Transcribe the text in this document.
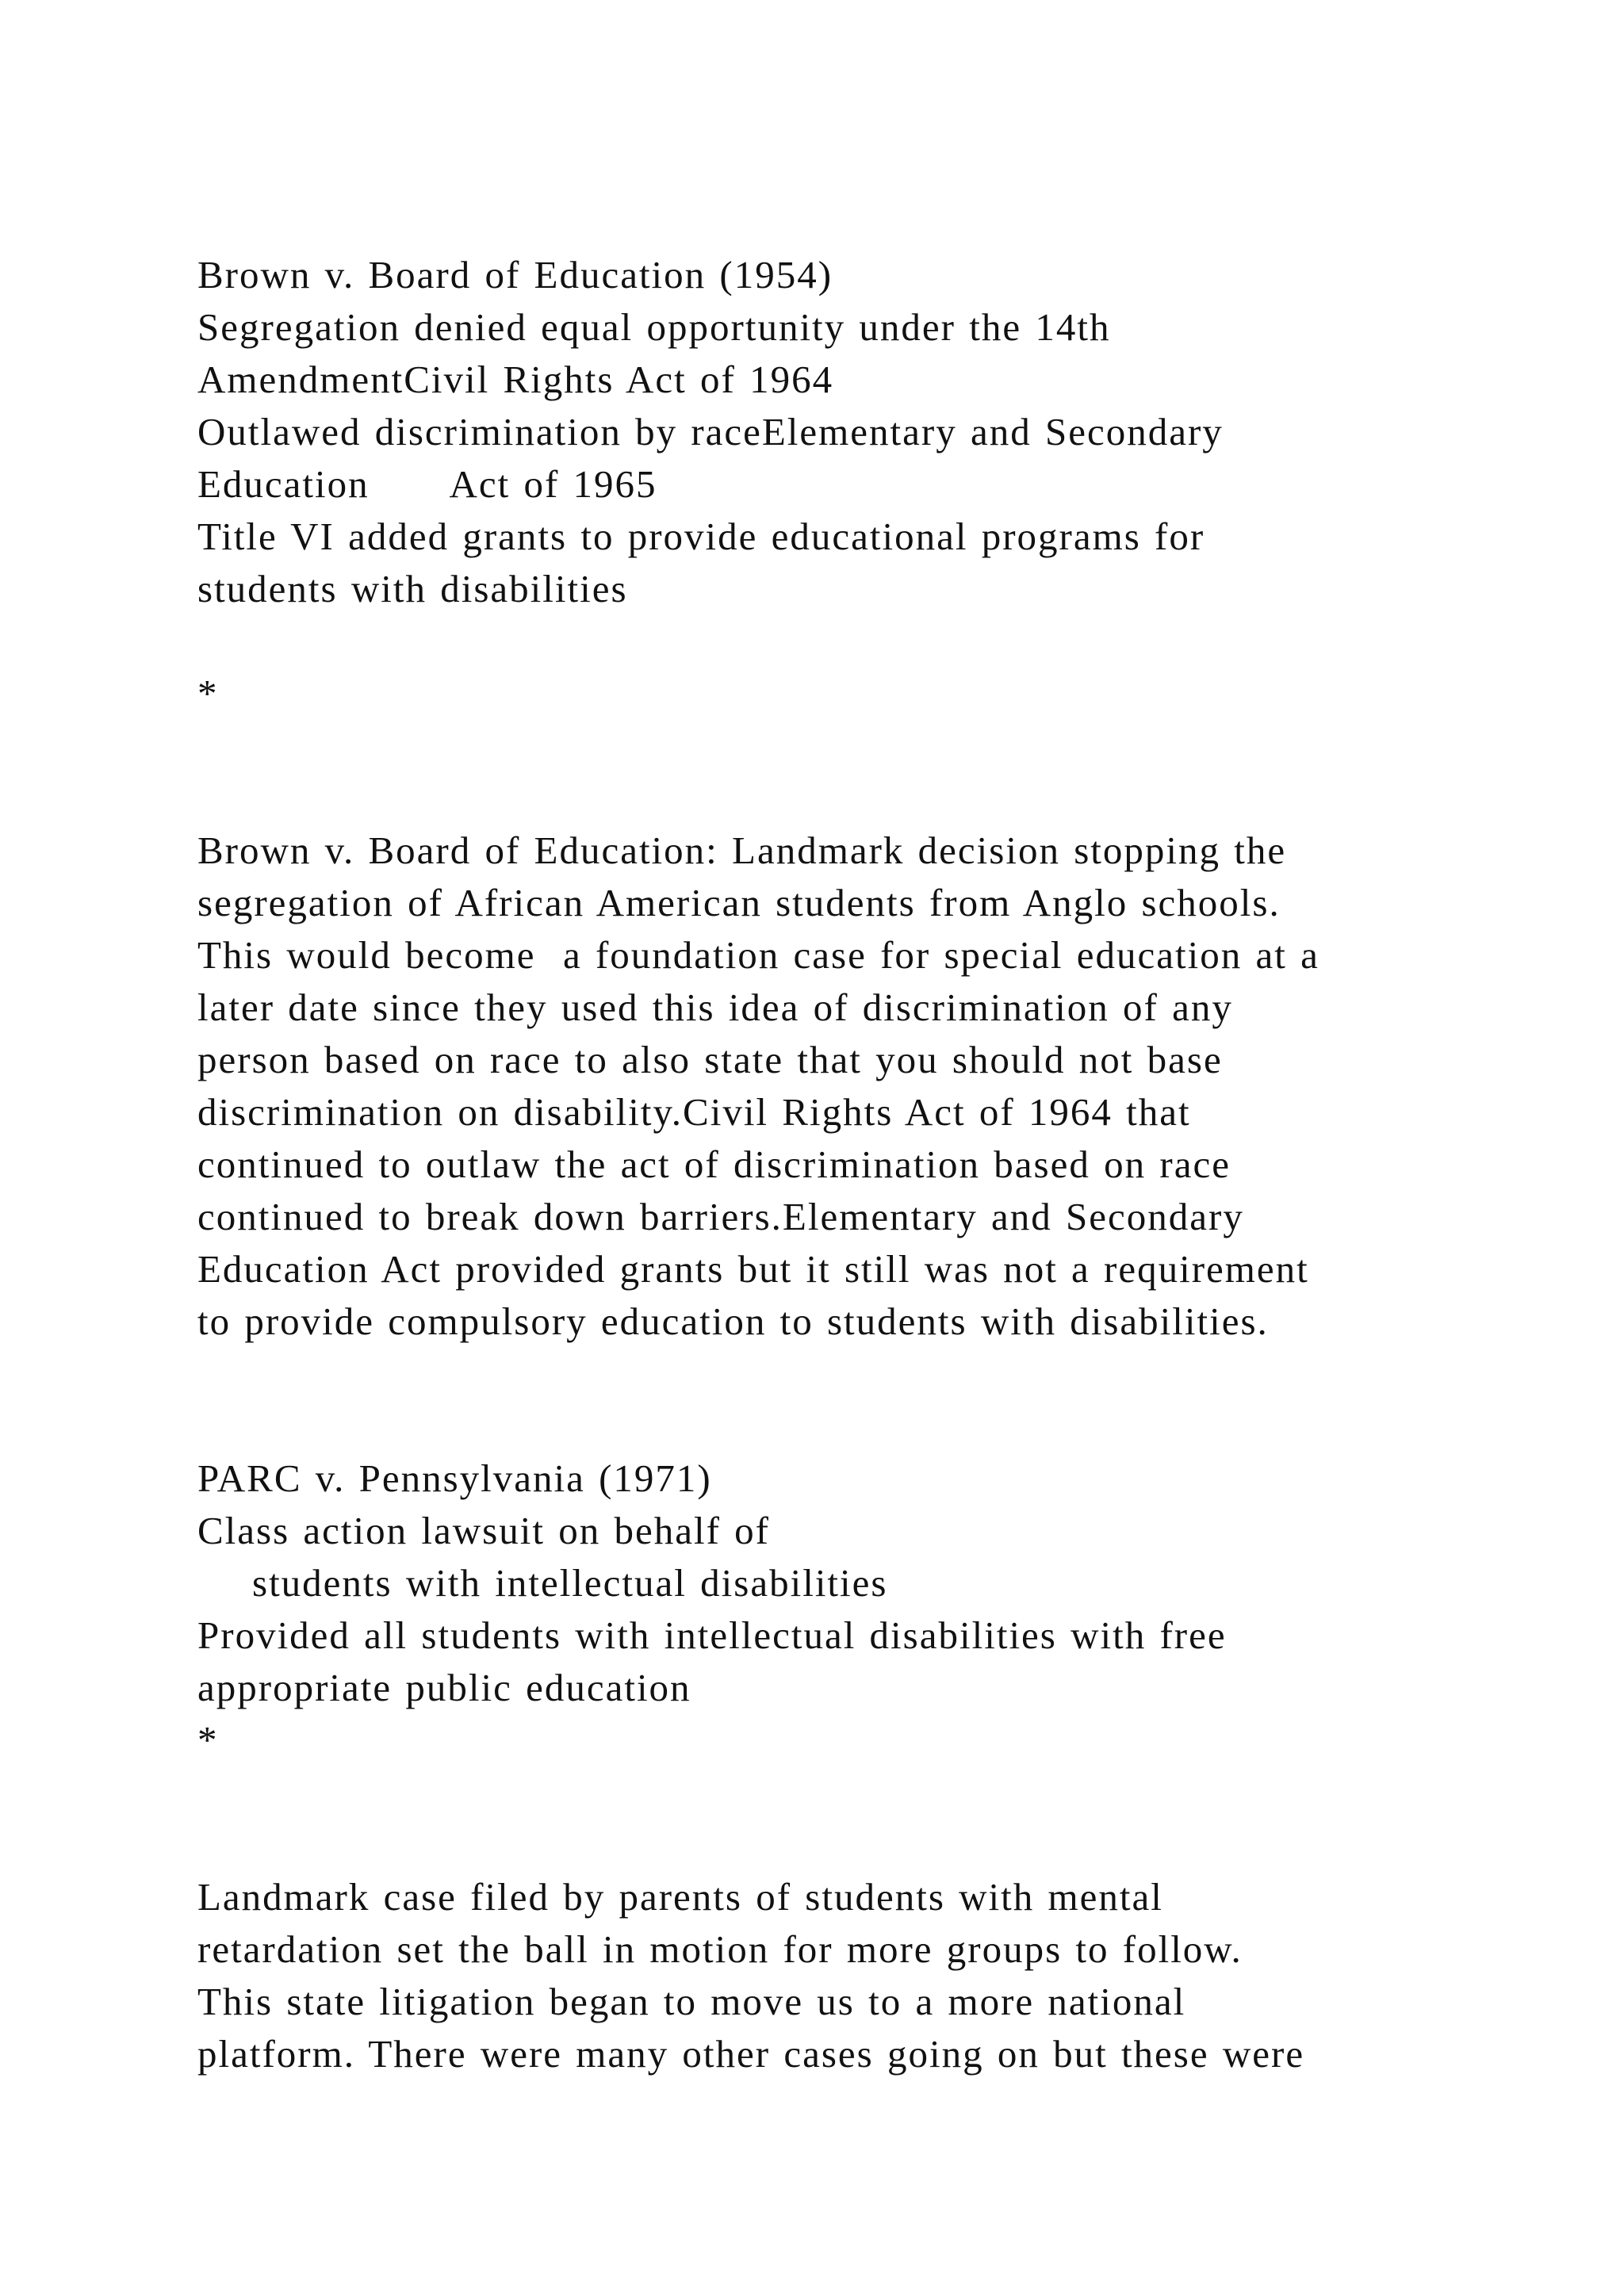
Brown v. Board of Education (1954)

Segregation denied equal opportunity under the 14th

AmendmentCivil Rights Act of 1964

Outlawed discrimination by raceElementary and Secondary

Education      Act of 1965

Title VI added grants to provide educational programs for

students with disabilities

*

Brown v. Board of Education: Landmark decision stopping the

segregation of African American students from Anglo schools.

This would become  a foundation case for special education at a

later date since they used this idea of discrimination of any

person based on race to also state that you should not base

discrimination on disability.Civil Rights Act of 1964 that

continued to outlaw the act of discrimination based on race

continued to break down barriers.Elementary and Secondary

Education Act provided grants but it still was not a requirement

to provide compulsory education to students with disabilities.

PARC v. Pennsylvania (1971)

Class action lawsuit on behalf of

students with intellectual disabilities

Provided all students with intellectual disabilities with free

appropriate public education

*

Landmark case filed by parents of students with mental

retardation set the ball in motion for more groups to follow.

This state litigation began to move us to a more national

platform. There were many other cases going on but these were
